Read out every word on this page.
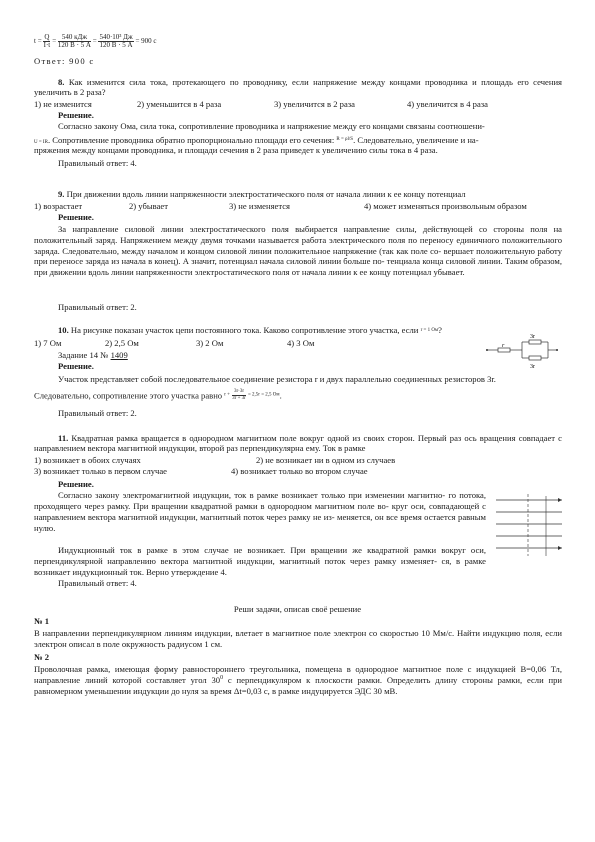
$t = \frac{Q}{I\cdot t} = 540$ кДж
120 В · 5 А = 540·10³ Дж
120 В · 5 А = 900 с
Ответ: 900 с
8. Как изменится сила тока, протекающего по проводнику, если напряжение между концами проводника и площадь его сечения увеличить в 2 раза?
1) не изменится	2) уменьшится в 4 раза	3) увеличится в 2 раза	4) увеличится в 4 раза
Решение.
Согласно закону Ома, сила тока, сопротивление проводника и напряжение между его концами связаны соотношени-
U = IR. Сопротивление проводника обратно пропорционально площади его сечения: $^{R = \rho l/S}$. Следовательно, увеличение и на-
пряжения между концами проводника, и площади сечения в 2 раза приведет к увеличению силы тока в 4 раза.
Правильный ответ: 4.
9. При движении вдоль линии напряженности электростатического поля от начала линии к ее концу потенциал
1) возрастает	2) убывает	3) не изменяется	4) может изменяться произвольным образом
Решение.
За направление силовой линии электростатического поля выбирается направление силы, действующей со стороны поля на положительный заряд. Напряжением между двумя точками называется работа электрического поля по переносу единичного положительного заряда. Следовательно, между началом и концом силовой линии положительное напряжение (так как поле со- вершает положительную работу при переносе заряда из начала в конец). А значит, потенциал начала силовой линии больше по- тенциала конца силовой линии. Таким образом, при движении вдоль линии напряженности электростатического поля от начала линии к ее концу потенциал убывает.
Правильный ответ: 2.
10. На рисунке показан участок цепи постоянного тока. Каково сопротивление этого участка, если $^{r = 1 Ом}$?
1) 7 Ом	2) 2,5 Ом	3) 2 Ом	4) 3 Ом
3r
r
3r
Задание 14 № 1409
Решение.
Участок представляет собой последовательное соединение резистора r и двух параллельно соединенных резисторов 3r.
Следовательно, сопротивление этого участка равно $r + \frac{3r\cdot 3r}{3r + 3r} = 2,5r = 2,5$ Ом.
Правильный ответ: 2.
11. Квадратная рамка вращается в однородном магнитном поле вокруг одной из своих сторон. Первый раз ось вращения совпадает с направлением вектора магнитной индукции, второй раз перпендикулярна ему. Ток в рамке
1) возникает в обоих случаях	2) не возникает ни в одном из случаев
3) возникает только в первом случае	4) возникает только во втором случае
Решение.
Согласно закону электромагнитной индукции, ток в рамке возникает только при изменении магнитно- го потока, проходящего через рамку. При вращении квадратной рамки в однородном магнитном поле во- круг оси, совпадающей с направлением вектора магнитной индукции, магнитный поток через рамку не из- меняется, он все время остается равным нулю.
Индукционный ток в рамке в этом случае не возникает. При вращении же квадратной рамки вокруг оси, перпендикулярной направлению вектора магнитной индукции, магнитный поток через рамку изменяет- ся, в рамке возникает индукционный ток. Верно утверждение 4.
Правильный ответ: 4.
Реши задачи, описав своё решение
№ 1
В направлении перпендикулярном линиям индукции, влетает в магнитное поле электрон со скоростью 10 Мм/с. Найти индукцию поля, если электрон описал в поле окружность радиусом 1 см.
№ 2
Проволочная рамка, имеющая форму равностороннего треугольника, помещена в однородное магнитное поле с индукцией В=0,06 Тл, направление линий которой составляет угол $30^0$ с перпендикуляром к плоскости рамки. Определить длину стороны рамки, если при равномерном уменьшении индукции до нуля за время Δt=0,03 с, в рамке индуцируется ЭДС 30 мВ.
